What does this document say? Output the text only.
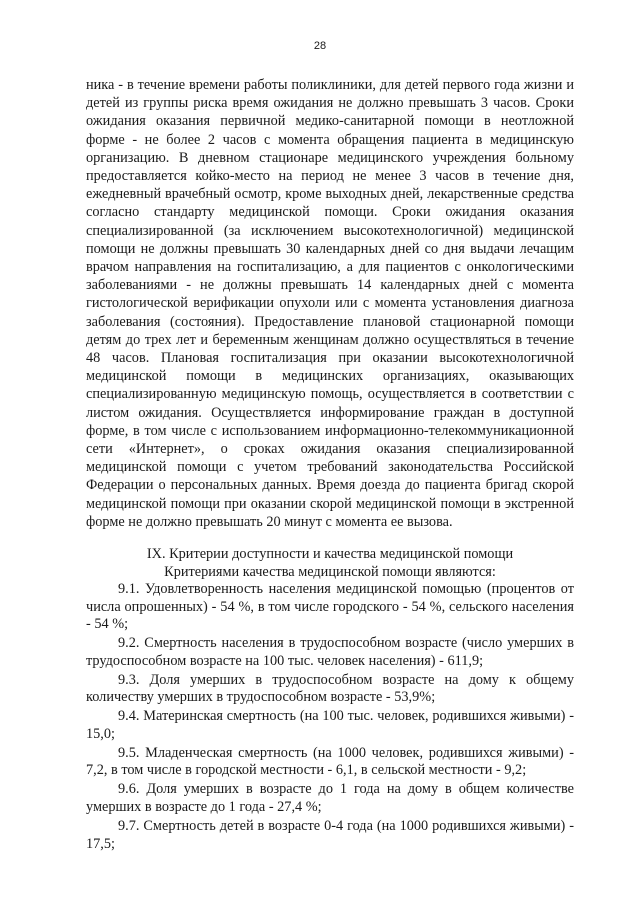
28

ника - в течение времени работы поликлиники, для детей первого года жизни и детей из группы риска время ожидания не должно превышать 3 часов. Сроки ожидания оказания первичной медико-санитарной помощи в неотложной форме - не более 2 часов с момента обращения пациента в медицинскую организацию. В дневном стационаре медицинского учреждения больному предоставляется койко-место на период не менее 3 часов в течение дня, ежедневный врачебный осмотр, кроме выходных дней, лекарственные средства согласно стандарту медицинской помощи. Сроки ожидания оказания специализированной (за исключением высокотехнологичной) медицинской помощи не должны превышать 30 календарных дней со дня выдачи лечащим врачом направления на госпитализацию, а для пациентов с онкологическими заболеваниями - не должны превышать 14 календарных дней с момента гистологической верификации опухоли или с момента установления диагноза заболевания (состояния). Предоставление плановой стационарной помощи детям до трех лет и беременным женщинам должно осуществляться в течение 48 часов. Плановая госпитализация при оказании высокотехнологичной медицинской помощи в медицинских организациях, оказывающих специализированную медицинскую помощь, осуществляется в соответствии с листом ожидания. Осуществляется информирование граждан в доступной форме, в том числе с использованием информационно-телекоммуникационной сети «Интернет», о сроках ожидания оказания специализированной медицинской помощи с учетом требований законодательства Российской Федерации о персональных данных. Время доезда до пациента бригад скорой медицинской помощи при оказании скорой медицинской помощи в экстренной форме не должно превышать 20 минут с момента ее вызова.

IX. Критерии доступности и качества медицинской помощи

Критериями качества медицинской помощи являются:

9.1. Удовлетворенность населения медицинской помощью (процентов от числа опрошенных) - 54 %, в том числе городского - 54 %, сельского населения - 54 %;
9.2. Смертность населения в трудоспособном возрасте (число умерших в трудоспособном возрасте на 100 тыс. человек населения) - 611,9;
9.3. Доля умерших в трудоспособном возрасте на дому к общему количеству умерших в трудоспособном возрасте - 53,9%;
9.4. Материнская смертность (на 100 тыс. человек, родившихся живыми) - 15,0;
9.5. Младенческая смертность (на 1000 человек, родившихся живыми) - 7,2, в том числе в городской местности - 6,1, в сельской местности - 9,2;
9.6. Доля умерших в возрасте до 1 года на дому в общем количестве умерших в возрасте до 1 года - 27,4 %;
9.7. Смертность детей в возрасте 0-4 года (на 1000 родившихся живыми) - 17,5;
